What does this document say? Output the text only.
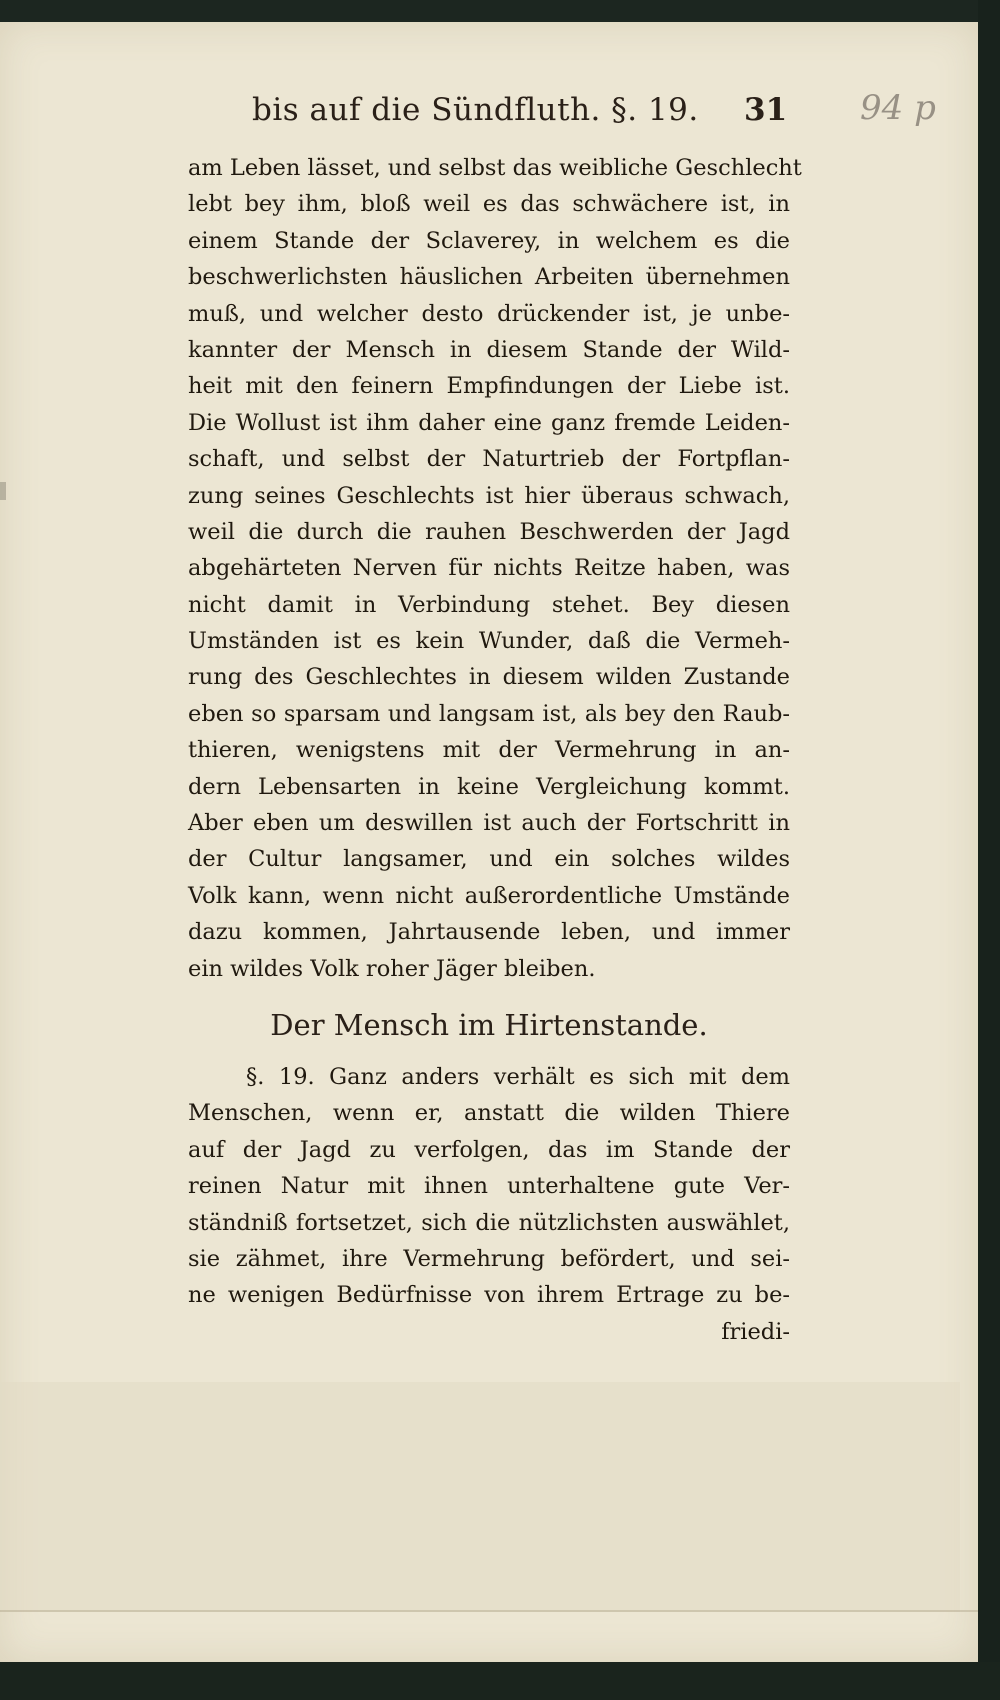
bis auf die Sündfluth. §. 19. 31 94 p
am Leben lässet, und selbst das weibliche Geschlecht
lebt bey ihm, bloß weil es das schwächere ist, in
einem Stande der Sclaverey, in welchem es die
beschwerlichsten häuslichen Arbeiten übernehmen
muß, und welcher desto drückender ist, je unbe-
kannter der Mensch in diesem Stande der Wild-
heit mit den feinern Empfindungen der Liebe ist.
Die Wollust ist ihm daher eine ganz fremde Leiden-
schaft, und selbst der Naturtrieb der Fortpflan-
zung seines Geschlechts ist hier überaus schwach,
weil die durch die rauhen Beschwerden der Jagd
abgehärteten Nerven für nichts Reitze haben, was
nicht damit in Verbindung stehet. Bey diesen
Umständen ist es kein Wunder, daß die Vermeh-
rung des Geschlechtes in diesem wilden Zustande
eben so sparsam und langsam ist, als bey den Raub-
thieren, wenigstens mit der Vermehrung in an-
dern Lebensarten in keine Vergleichung kommt.
Aber eben um deswillen ist auch der Fortschritt in
der Cultur langsamer, und ein solches wildes
Volk kann, wenn nicht außerordentliche Umstände
dazu kommen, Jahrtausende leben, und immer
ein wildes Volk roher Jäger bleiben.
Der Mensch im Hirtenstande.
§. 19. Ganz anders verhält es sich mit dem
Menschen, wenn er, anstatt die wilden Thiere
auf der Jagd zu verfolgen, das im Stande der
reinen Natur mit ihnen unterhaltene gute Ver-
ständniß fortsetzet, sich die nützlichsten auswählet,
sie zähmet, ihre Vermehrung befördert, und sei-
ne wenigen Bedürfnisse von ihrem Ertrage zu be-
friedi-
